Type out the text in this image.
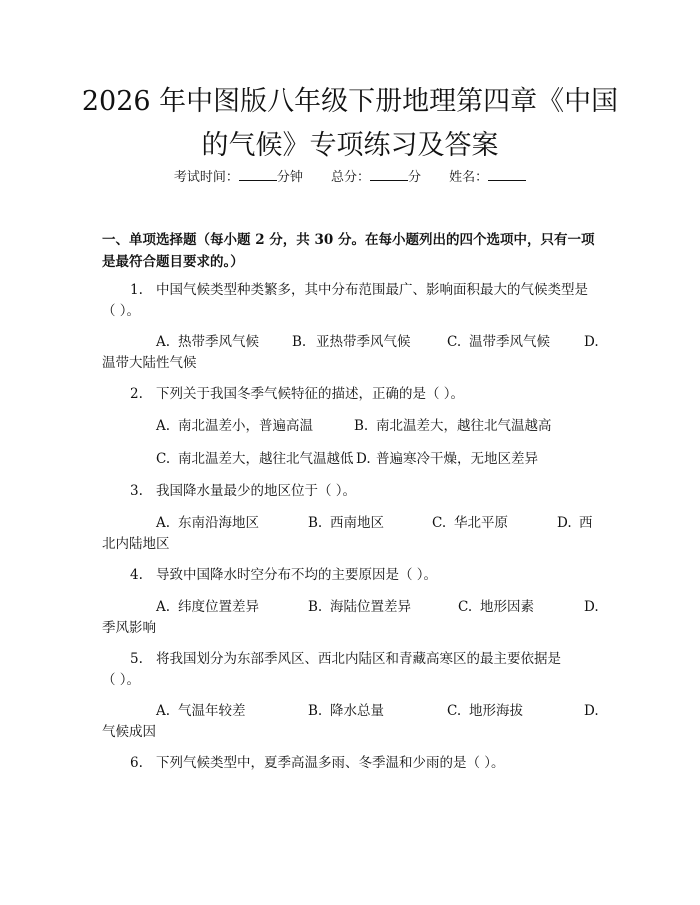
2026 年中图版八年级下册地理第四章《中国
的气候》专项练习及答案
考试时间：	分钟 总分：	分 姓名：
一、单项选择题（每小题 2 分，共 30 分。在每小题列出的四个选项中，只有一项
是最符合题目要求的。）
1. 中国气候类型种类繁多，其中分布范围最广、影响面积最大的气候类型是
（ ）。
A. 热带季风气候 B. 亚热带季风气候	C. 温带季风气候	D.
温带大陆性气候
2. 下列关于我国冬季气候特征的描述，正确的是（ ）。
A. 南北温差小，普遍高温	B. 南北温差大，越往北气温越高
C. 南北温差大，越往北气温越低 D. 普遍寒冷干燥，无地区差异
3. 我国降水量最少的地区位于（ ）。
A. 东南沿海地区	B. 西南地区	C. 华北平原	D. 西
北内陆地区
4. 导致中国降水时空分布不均的主要原因是（ ）。
A. 纬度位置差异	B. 海陆位置差异	C. 地形因素	D.
季风影响
5. 将我国划分为东部季风区、西北内陆区和青藏高寒区的最主要依据是
（ ）。
A. 气温年较差	B. 降水总量	C. 地形海拔	D.
气候成因
6. 下列气候类型中，夏季高温多雨、冬季温和少雨的是（ ）。
